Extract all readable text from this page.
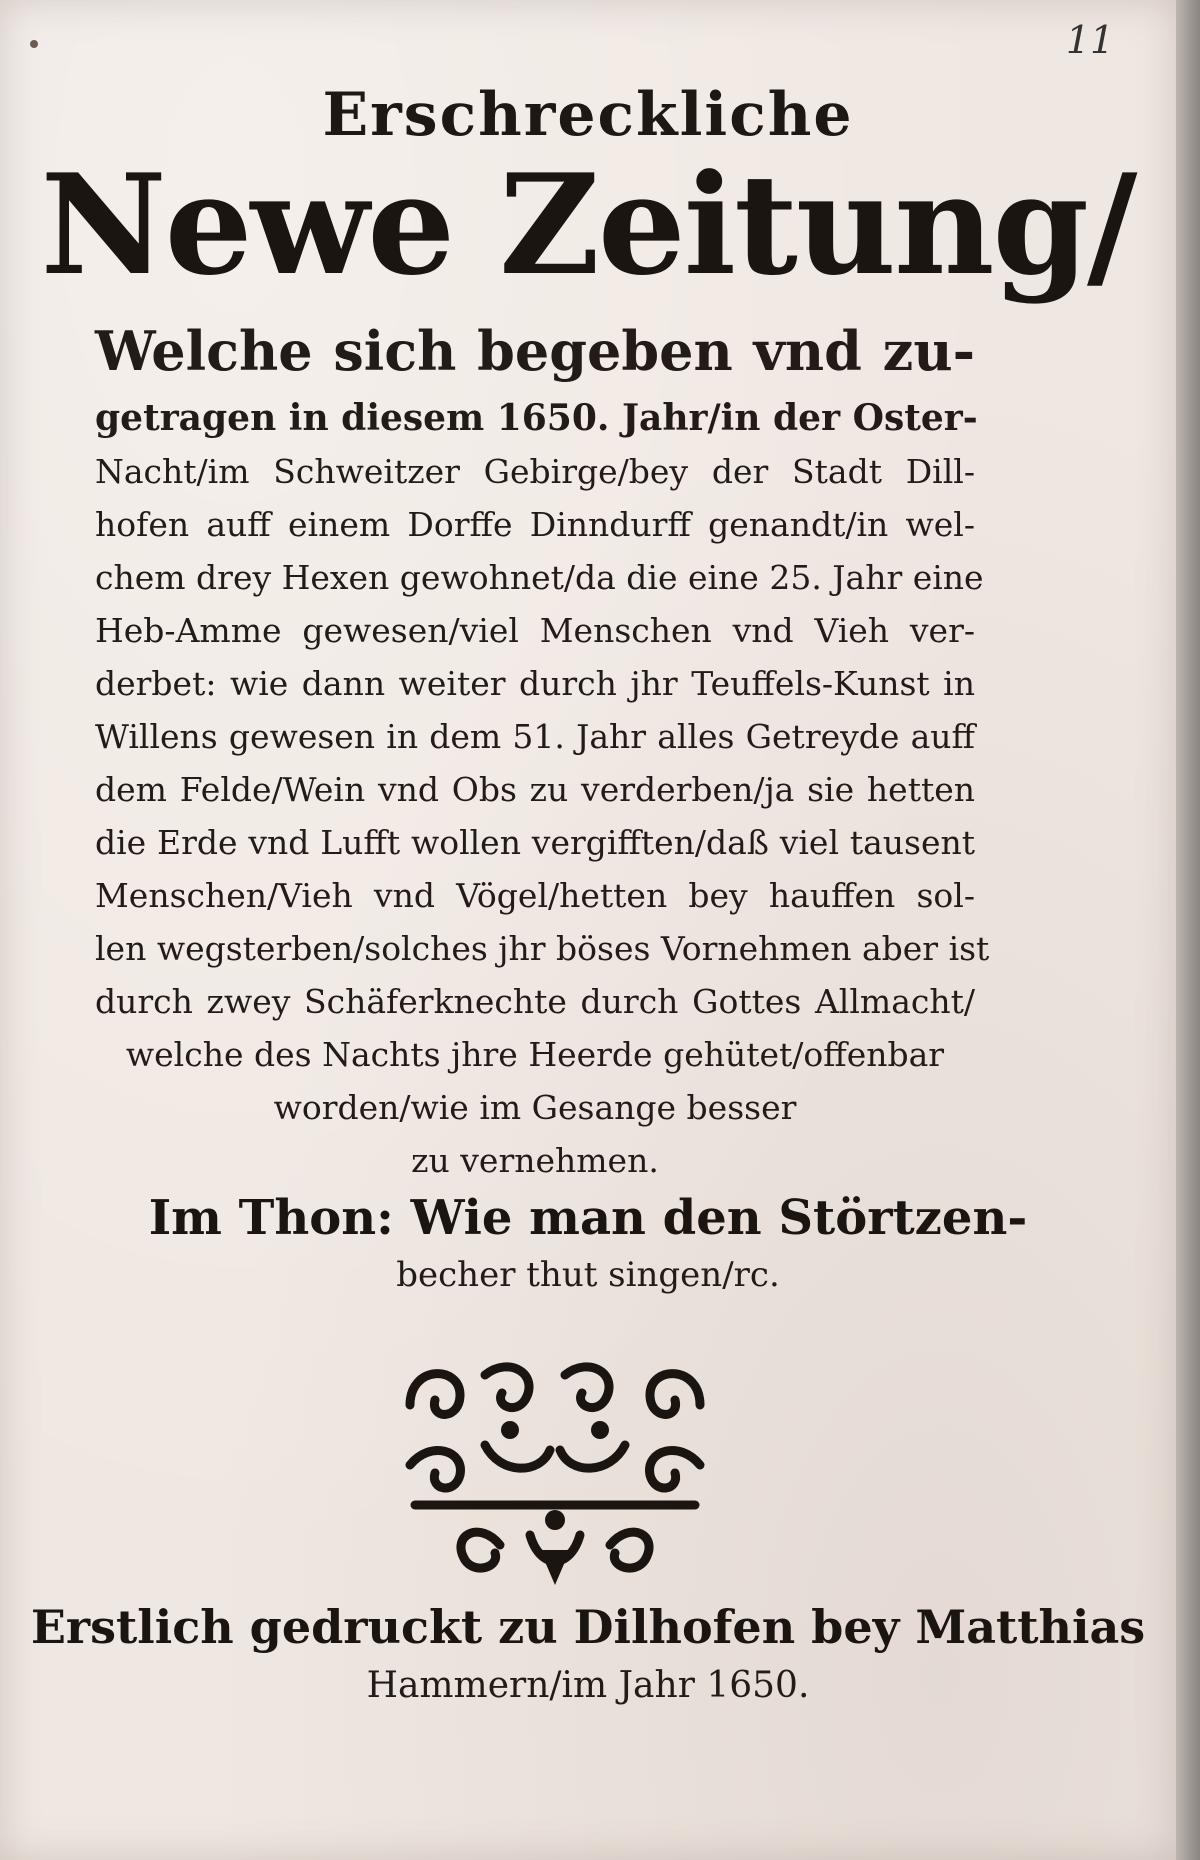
11
Erschreckliche
Newe Zeitung/
Welche sich begeben vnd zu-
getragen in diesem 1650. Jahr/in der Oster-
Nacht/im Schweitzer Gebirge/bey der Stadt Dill-
hofen auff einem Dorffe Dinndurff genandt/in wel-
chem drey Hexen gewohnet/da die eine 25. Jahr eine
Heb-Amme gewesen/viel Menschen vnd Vieh ver-
derbet: wie dann weiter durch jhr Teuffels-Kunst in
Willens gewesen in dem 51. Jahr alles Getreyde auff
dem Felde/Wein vnd Obs zu verderben/ja sie hetten
die Erde vnd Lufft wollen vergifften/daß viel tausent
Menschen/Vieh vnd Vögel/hetten bey hauffen sol-
len wegsterben/solches jhr böses Vornehmen aber ist
durch zwey Schäferknechte durch Gottes Allmacht/
welche des Nachts jhre Heerde gehütet/offenbar
worden/wie im Gesange besser
zu vernehmen.
Im Thon: Wie man den Störtzen-
becher thut singen/rc.
Erstlich gedruckt zu Dilhofen bey Matthias
Hammern/im Jahr 1650.
